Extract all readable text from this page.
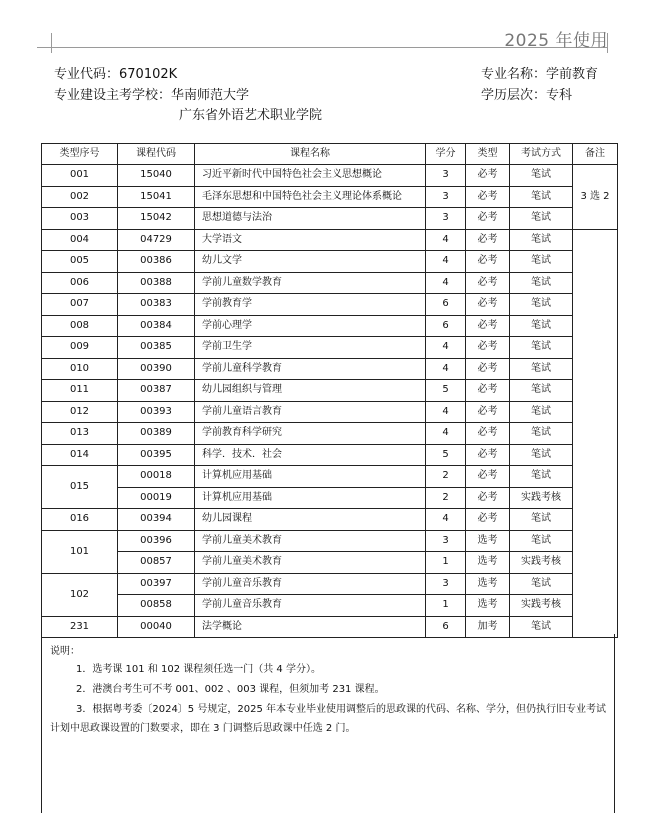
2025 年使用
专业代码：670102K	专业名称：学前教育
专业建设主考学校：华南师范大学	学历层次：专科
广东省外语艺术职业学院
类型序号	课程代码	课程名称	学分	类型	考试方式	备注
001	15040	习近平新时代中国特色社会主义思想概论	3	必考	笔试	3 选 2
002	15041	毛泽东思想和中国特色社会主义理论体系概论	3	必考	笔试	
003	15042	思想道德与法治	3	必考	笔试	
004	04729	大学语文	4	必考	笔试	
005	00386	幼儿文学	4	必考	笔试	
006	00388	学前儿童数学教育	4	必考	笔试	
007	00383	学前教育学	6	必考	笔试	
008	00384	学前心理学	6	必考	笔试	
009	00385	学前卫生学	4	必考	笔试	
010	00390	学前儿童科学教育	4	必考	笔试	
011	00387	幼儿园组织与管理	5	必考	笔试	
012	00393	学前儿童语言教育	4	必考	笔试	
013	00389	学前教育科学研究	4	必考	笔试	
014	00395	科学．技术．社会	5	必考	笔试	
015	00018	计算机应用基础	2	必考	笔试	
	00019	计算机应用基础	2	必考	实践考核	
016	00394	幼儿园课程	4	必考	笔试	
101	00396	学前儿童美术教育	3	选考	笔试	
	00857	学前儿童美术教育	1	选考	实践考核	
102	00397	学前儿童音乐教育	3	选考	笔试	
	00858	学前儿童音乐教育	1	选考	实践考核	
231	00040	法学概论	6	加考	笔试	
说明：
1．选考课 101 和 102 课程须任选一门（共 4 学分）。
2．港澳台考生可不考 001、002 、003 课程，但须加考 231 课程。
3．根据粤考委〔2024〕5 号规定，2025 年本专业毕业使用调整后的思政课的代码、名称、学分，但仍执行旧专业考试计划中思政课设置的门数要求，即在 3 门调整后思政课中任选 2 门。
